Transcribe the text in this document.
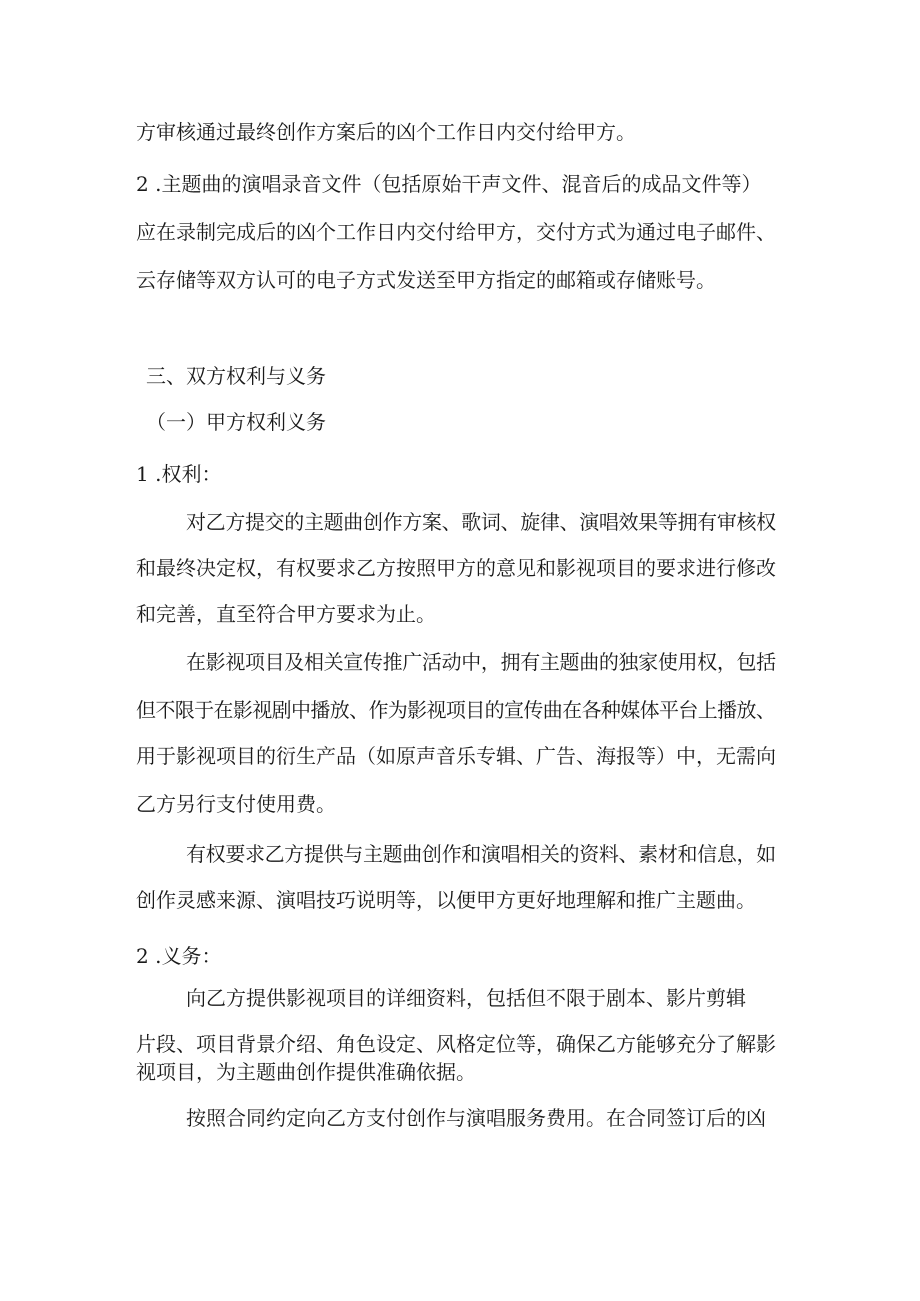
方审核通过最终创作方案后的凶个工作日内交付给甲方。
2 .主题曲的演唱录音文件（包括原始干声文件、混音后的成品文件等）
应在录制完成后的凶个工作日内交付给甲方，交付方式为通过电子邮件、
云存储等双方认可的电子方式发送至甲方指定的邮箱或存储账号。
三、双方权利与义务
（一）甲方权利义务
1 .权利：
对乙方提交的主题曲创作方案、歌词、旋律、演唱效果等拥有审核权
和最终决定权，有权要求乙方按照甲方的意见和影视项目的要求进行修改
和完善，直至符合甲方要求为止。
在影视项目及相关宣传推广活动中，拥有主题曲的独家使用权，包括
但不限于在影视剧中播放、作为影视项目的宣传曲在各种媒体平台上播放、
用于影视项目的衍生产品（如原声音乐专辑、广告、海报等）中，无需向
乙方另行支付使用费。
有权要求乙方提供与主题曲创作和演唱相关的资料、素材和信息，如
创作灵感来源、演唱技巧说明等，以便甲方更好地理解和推广主题曲。
2 .义务：
向乙方提供影视项目的详细资料，包括但不限于剧本、影片剪辑
片段、项目背景介绍、角色设定、风格定位等，确保乙方能够充分了解影
视项目，为主题曲创作提供准确依据。
按照合同约定向乙方支付创作与演唱服务费用。在合同签订后的凶
